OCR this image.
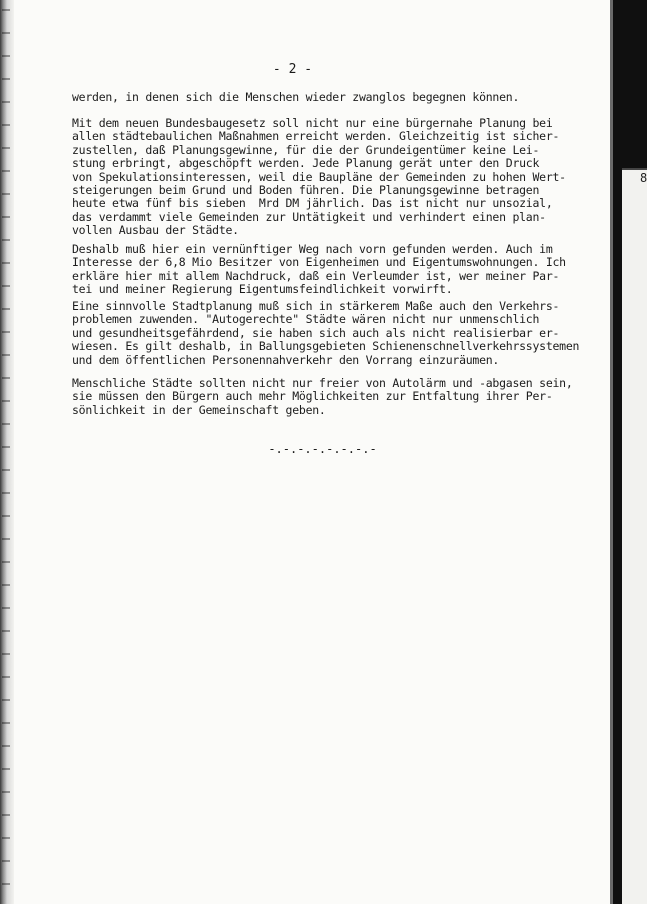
8
- 2 -
werden, in denen sich die Menschen wieder zwanglos begegnen können.
Mit dem neuen Bundesbaugesetz soll nicht nur eine bürgernahe Planung bei
allen städtebaulichen Maßnahmen erreicht werden. Gleichzeitig ist sicher-
zustellen, daß Planungsgewinne, für die der Grundeigentümer keine Lei-
stung erbringt, abgeschöpft werden. Jede Planung gerät unter den Druck
von Spekulationsinteressen, weil die Baupläne der Gemeinden zu hohen Wert-
steigerungen beim Grund und Boden führen. Die Planungsgewinne betragen
heute etwa fünf bis sieben  Mrd DM jährlich. Das ist nicht nur unsozial,
das verdammt viele Gemeinden zur Untätigkeit und verhindert einen plan-
vollen Ausbau der Städte.
Deshalb muß hier ein vernünftiger Weg nach vorn gefunden werden. Auch im
Interesse der 6,8 Mio Besitzer von Eigenheimen und Eigentumswohnungen. Ich
erkläre hier mit allem Nachdruck, daß ein Verleumder ist, wer meiner Par-
tei und meiner Regierung Eigentumsfeindlichkeit vorwirft.
Eine sinnvolle Stadtplanung muß sich in stärkerem Maße auch den Verkehrs-
problemen zuwenden. "Autogerechte" Städte wären nicht nur unmenschlich
und gesundheitsgefährdend, sie haben sich auch als nicht realisierbar er-
wiesen. Es gilt deshalb, in Ballungsgebieten Schienenschnellverkehrssystemen
und dem öffentlichen Personennahverkehr den Vorrang einzuräumen.
Menschliche Städte sollten nicht nur freier von Autolärm und -abgasen sein,
sie müssen den Bürgern auch mehr Möglichkeiten zur Entfaltung ihrer Per-
sönlichkeit in der Gemeinschaft geben.
-.-.-.-.-.-.-.-
